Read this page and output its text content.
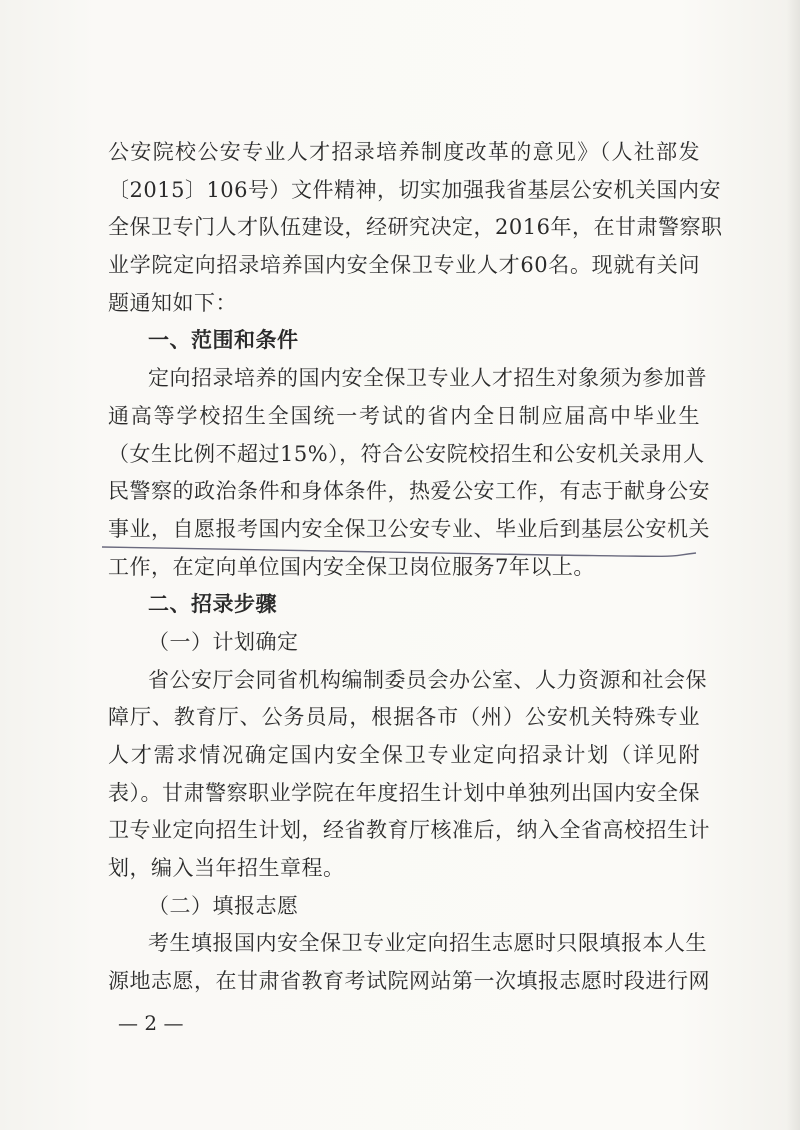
公安院校公安专业人才招录培养制度改革的意见》（人社部发
〔2015〕106号）文件精神，切实加强我省基层公安机关国内安
全保卫专门人才队伍建设，经研究决定，2016年，在甘肃警察职
业学院定向招录培养国内安全保卫专业人才60名。现就有关问
题通知如下：
一、范围和条件
定向招录培养的国内安全保卫专业人才招生对象须为参加普
通高等学校招生全国统一考试的省内全日制应届高中毕业生
（女生比例不超过15%），符合公安院校招生和公安机关录用人
民警察的政治条件和身体条件，热爱公安工作，有志于献身公安
事业，自愿报考国内安全保卫公安专业、毕业后到基层公安机关
工作，在定向单位国内安全保卫岗位服务7年以上。
二、招录步骤
（一）计划确定
省公安厅会同省机构编制委员会办公室、人力资源和社会保
障厅、教育厅、公务员局，根据各市（州）公安机关特殊专业
人才需求情况确定国内安全保卫专业定向招录计划（详见附
表）。甘肃警察职业学院在年度招生计划中单独列出国内安全保
卫专业定向招生计划，经省教育厅核准后，纳入全省高校招生计
划，编入当年招生章程。
（二）填报志愿
考生填报国内安全保卫专业定向招生志愿时只限填报本人生
源地志愿，在甘肃省教育考试院网站第一次填报志愿时段进行网
— 2 —
